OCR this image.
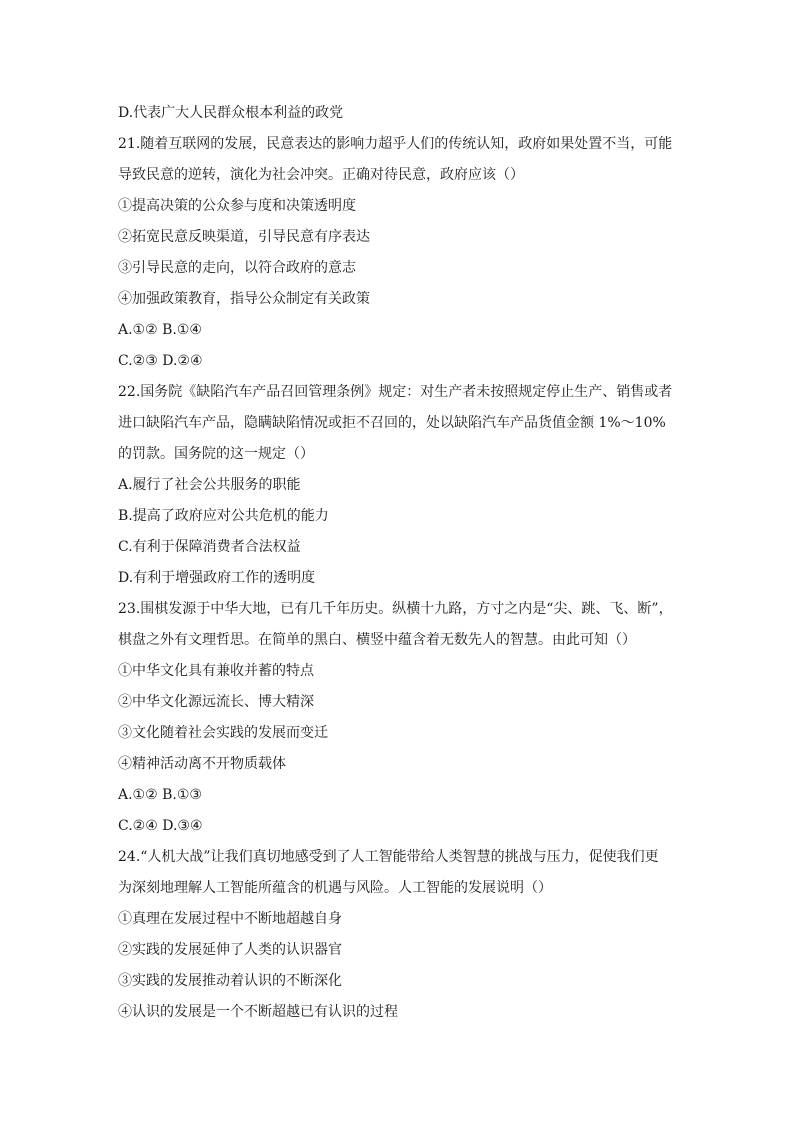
D.代表广大人民群众根本利益的政党
21.随着互联网的发展，民意表达的影响力超乎人们的传统认知，政府如果处置不当，可能
导致民意的逆转，演化为社会冲突。正确对待民意，政府应该（）
①提高决策的公众参与度和决策透明度
②拓宽民意反映渠道，引导民意有序表达
③引导民意的走向，以符合政府的意志
④加强政策教育，指导公众制定有关政策
A.①② B.①④
C.②③ D.②④
22.国务院《缺陷汽车产品召回管理条例》规定：对生产者未按照规定停止生产、销售或者
进口缺陷汽车产品，隐瞒缺陷情况或拒不召回的，处以缺陷汽车产品货值金额 1%～10%
的罚款。国务院的这一规定（）
A.履行了社会公共服务的职能
B.提高了政府应对公共危机的能力
C.有利于保障消费者合法权益
D.有利于增强政府工作的透明度
23.围棋发源于中华大地，已有几千年历史。纵横十九路，方寸之内是“尖、跳、飞、断”，
棋盘之外有文理哲思。在简单的黑白、横竖中蕴含着无数先人的智慧。由此可知（）
①中华文化具有兼收并蓄的特点
②中华文化源远流长、博大精深
③文化随着社会实践的发展而变迁
④精神活动离不开物质载体
A.①② B.①③
C.②④ D.③④
24.“人机大战”让我们真切地感受到了人工智能带给人类智慧的挑战与压力，促使我们更
为深刻地理解人工智能所蕴含的机遇与风险。人工智能的发展说明（）
①真理在发展过程中不断地超越自身
②实践的发展延伸了人类的认识器官
③实践的发展推动着认识的不断深化
④认识的发展是一个不断超越已有认识的过程
